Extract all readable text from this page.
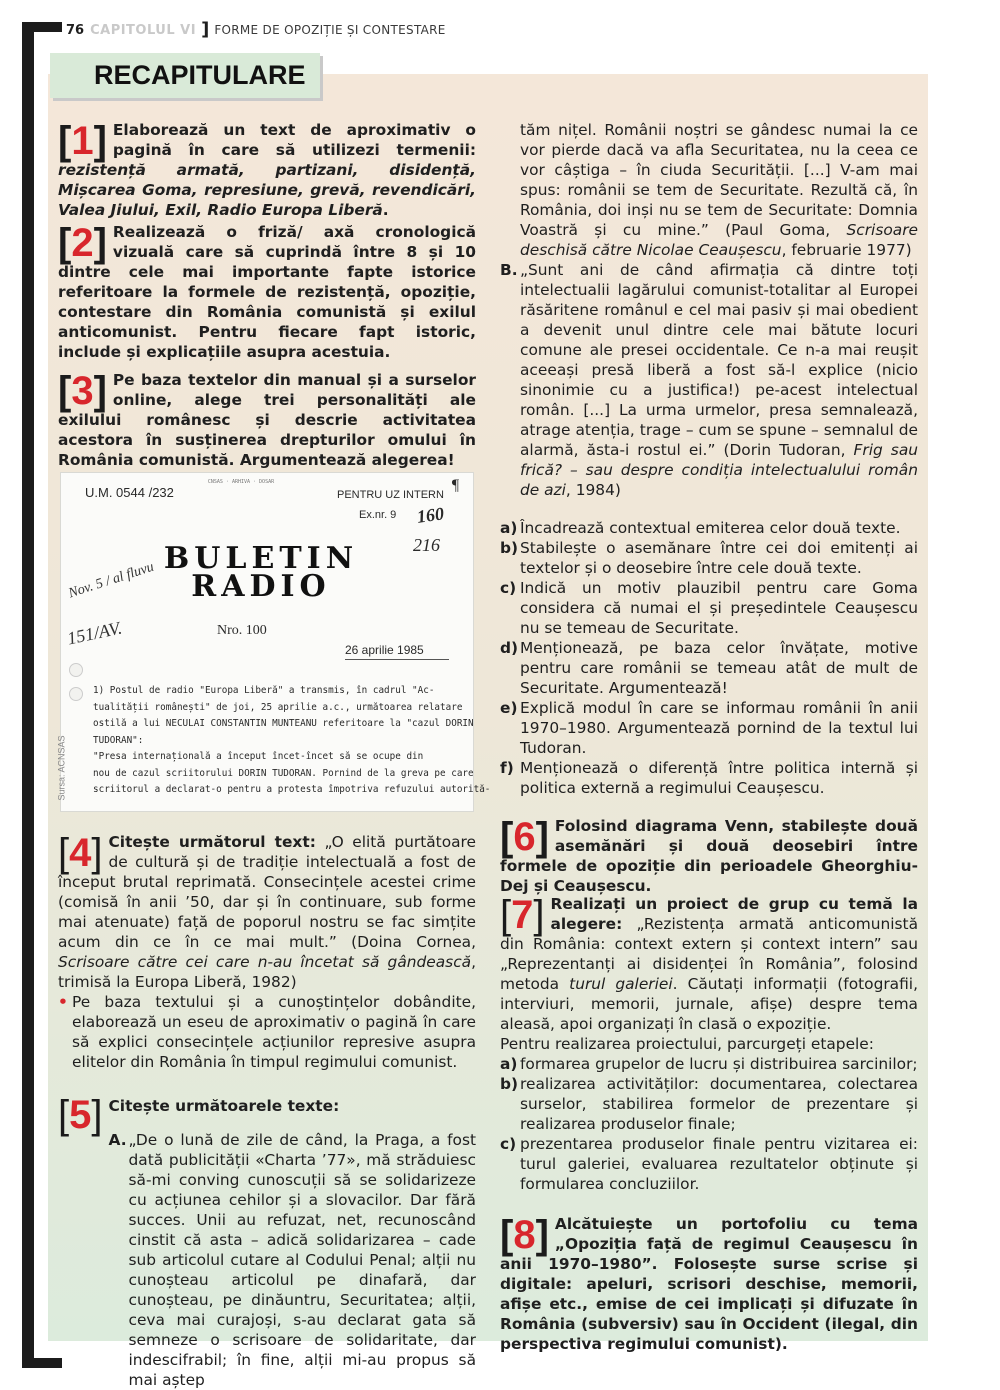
76 CAPITOLUL VI ] FORME DE OPOZIȚIE ȘI CONTESTARE
RECAPITULARE
[1] Elaborează un text de aproximativ o pagină în care să utilizezi termenii: rezistență armată, partizani, disidență, Mișcarea Goma, represiune, grevă, revendicări, Valea Jiului, Exil, Radio Europa Liberă.
[2] Realizează o friză/ axă cronologică vizuală care să cuprindă între 8 și 10 dintre cele mai importante fapte istorice referitoare la formele de rezistență, opoziție, contestare din România comunistă și exilul anticomunist. Pentru fiecare fapt istoric, include și explicațiile asupra acestuia.
[3] Pe baza textelor din manual și a surselor online, alege trei personalități ale exilului românesc și descrie activitatea acestora în susținerea drepturilor omului în România comunistă. Argumentează alegerea!
U.M. 0544 /232
CNSAS · ARHIVA · DOSAR
PENTRU UZ INTERN
Ex.nr. 9
¶
160
216
BULETIN
RADIO
Nov. 5 / al fluvu
151/AV.	Nro. 100
26 aprilie 1985
1) Postul de radio "Europa Liberă" a transmis, în cadrul "Ac-
tualității românești" de joi, 25 aprilie a.c., următoarea relatare
ostilă a lui NECULAI CONSTANTIN MUNTEANU referitoare la "cazul DORIN
TUDORAN":
"Presa internațională a început încet-încet să se ocupe din
nou de cazul scriitorului DORIN TUDORAN. Pornind de la greva pe care
scriitorul a declarat-o pentru a protesta împotriva refuzului autorită-
Sursa: ACNSAS
[4] Citește următorul text: „O elită purtătoare de cultură și de tradiție intelectuală a fost de început brutal reprimată. Consecințele acestei crime (comisă în anii ’50, dar și în continuare, sub forme mai atenuate) față de poporul nostru se fac simțite acum din ce în ce mai mult.” (Doina Cornea, Scrisoare către cei care n-au încetat să gândească, trimisă la Europa Liberă, 1982)
• Pe baza textului și a cunoștințelor dobândite, elaborează un eseu de aproximativ o pagină în care să explici consecințele acțiunilor represive asupra elitelor din România în timpul regimului comunist.
[5] Citește următoarele texte:
A. „De o lună de zile de când, la Praga, a fost dată publicității «Charta ’77», mă străduiesc să-mi conving cunoscuții să se solidarizeze cu acțiunea cehilor și a slovacilor. Dar fără succes. Unii au refuzat, net, recunoscând cinstit că asta – adică solidarizarea – cade sub articolul cutare al Codului Penal; alții nu cunoșteau articolul pe dinafară, dar cunoșteau, pe dinăuntru, Securitatea; alții, ceva mai curajoși, s-au declarat gata să semneze o scrisoare de solidaritate, dar indescifrabil; în fine, alții mi-au propus să mai aștep
tăm nițel. Românii noștri se gândesc numai la ce vor pierde dacă va afla Securitatea, nu la ceea ce vor câștiga – în ciuda Securității. [...] V-am mai spus: românii se tem de Securitate. Rezultă că, în România, doi inși nu se tem de Securitate: Domnia Voastră și cu mine.” (Paul Goma, Scrisoare deschisă către Nicolae Ceaușescu, februarie 1977)
B. „Sunt ani de când afirmația că dintre toți intelectualii lagărului comunist-totalitar al Europei răsăritene românul e cel mai pasiv și mai obedient a devenit unul dintre cele mai bătute locuri comune ale presei occidentale. Ce n-a mai reușit aceeași presă liberă a fost să-l explice (nicio sinonimie cu a justifica!) pe-acest intelectual român. [...] La urma urmelor, presa semnalează, atrage atenția, trage – cum se spune – semnalul de alarmă, ăsta-i rostul ei.” (Dorin Tudoran, Frig sau frică? – sau despre condiția intelectualului român de azi, 1984)
a) Încadrează contextual emiterea celor două texte.
b) Stabilește o asemănare între cei doi emitenți ai textelor și o deosebire între cele două texte.
c) Indică un motiv plauzibil pentru care Goma considera că numai el și președintele Ceaușescu nu se temeau de Securitate.
d) Menționează, pe baza celor învățate, motive pentru care românii se temeau atât de mult de Securitate. Argumentează!
e) Explică modul în care se informau românii în anii 1970–1980. Argumentează pornind de la textul lui Tudoran.
f) Menționează o diferență între politica internă și politica externă a regimului Ceaușescu.
[6] Folosind diagrama Venn, stabilește două asemănări și două deosebiri între formele de opoziție din perioadele Gheorghiu-Dej și Ceaușescu.
[7] Realizați un proiect de grup cu temă la alegere: „Rezistența armată anticomunistă din România: context extern și context intern” sau „Reprezentanți ai disidenței în România”, folosind metoda turul galeriei. Căutați informații (fotografii, interviuri, memorii, jurnale, afișe) despre tema aleasă, apoi organizați în clasă o expoziție.
Pentru realizarea proiectului, parcurgeți etapele:
a) formarea grupelor de lucru și distribuirea sarcinilor;
b) realizarea activităților: documentarea, colectarea surselor, stabilirea formelor de prezentare și realizarea produselor finale;
c) prezentarea produselor finale pentru vizitarea ei: turul galeriei, evaluarea rezultatelor obținute și formularea concluziilor.
[8] Alcătuiește un portofoliu cu tema „Opoziția față de regimul Ceaușescu în anii 1970–1980”. Folosește surse scrise și digitale: apeluri, scrisori deschise, memorii, afișe etc., emise de cei implicați și difuzate în România (subversiv) sau în Occident (ilegal, din perspectiva regimului comunist).
